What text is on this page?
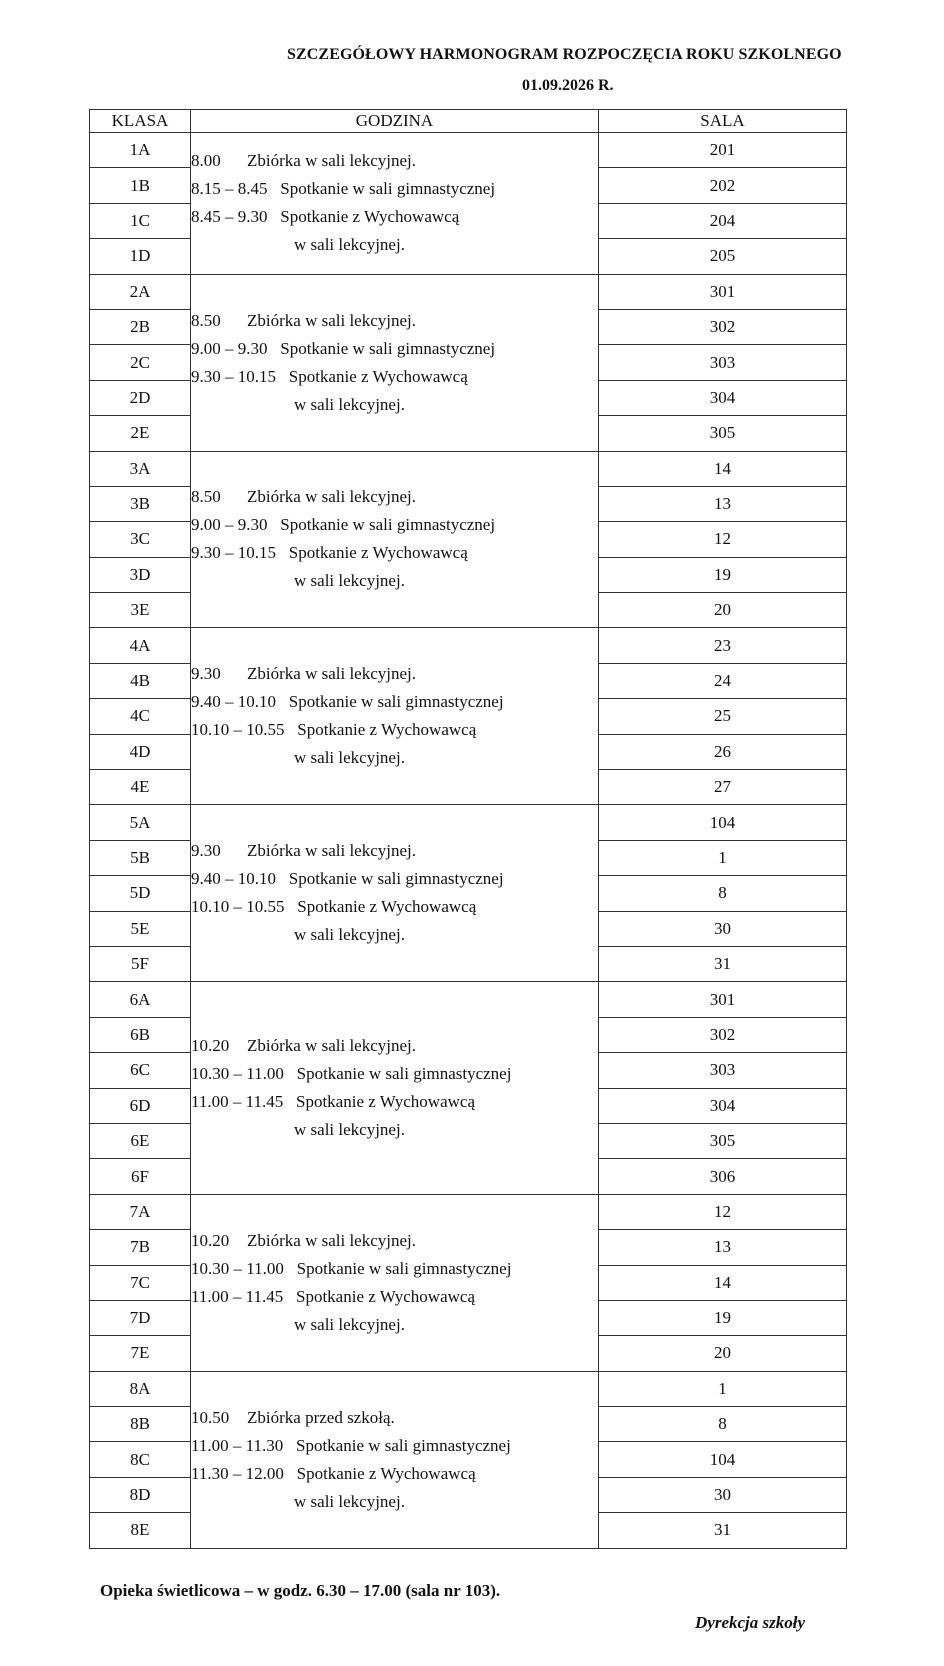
SZCZEGÓŁOWY HARMONOGRAM ROZPOCZĘCIA ROKU SZKOLNEGO
01.09.2026 R.
KLASA	GODZINA	SALA
1A	8.00 Zbiórka w sali lekcyjnej.
8.15 – 8.45 Spotkanie w sali gimnastycznej
8.45 – 9.30 Spotkanie z Wychowawcą
w sali lekcyjnej.	201
1B		202
1C		204
1D		205
2A	8.50 Zbiórka w sali lekcyjnej.
9.00 – 9.30 Spotkanie w sali gimnastycznej
9.30 – 10.15 Spotkanie z Wychowawcą
w sali lekcyjnej.	301
2B		302
2C		303
2D		304
2E		305
3A	8.50 Zbiórka w sali lekcyjnej.
9.00 – 9.30 Spotkanie w sali gimnastycznej
9.30 – 10.15 Spotkanie z Wychowawcą
w sali lekcyjnej.	14
3B		13
3C		12
3D		19
3E		20
4A	9.30 Zbiórka w sali lekcyjnej.
9.40 – 10.10 Spotkanie w sali gimnastycznej
10.10 – 10.55 Spotkanie z Wychowawcą
w sali lekcyjnej.	23
4B		24
4C		25
4D		26
4E		27
5A	9.30 Zbiórka w sali lekcyjnej.
9.40 – 10.10 Spotkanie w sali gimnastycznej
10.10 – 10.55 Spotkanie z Wychowawcą
w sali lekcyjnej.	104
5B		1
5D		8
5E		30
5F		31
6A	10.20 Zbiórka w sali lekcyjnej.
10.30 – 11.00 Spotkanie w sali gimnastycznej
11.00 – 11.45 Spotkanie z Wychowawcą
w sali lekcyjnej.	301
6B		302
6C		303
6D		304
6E		305
6F		306
7A	10.20 Zbiórka w sali lekcyjnej.
10.30 – 11.00 Spotkanie w sali gimnastycznej
11.00 – 11.45 Spotkanie z Wychowawcą
w sali lekcyjnej.	12
7B		13
7C		14
7D		19
7E		20
8A	10.50 Zbiórka przed szkołą.
11.00 – 11.30 Spotkanie w sali gimnastycznej
11.30 – 12.00 Spotkanie z Wychowawcą
w sali lekcyjnej.	1
8B		8
8C		104
8D		30
8E		31
Opieka świetlicowa – w godz. 6.30 – 17.00 (sala nr 103).
Dyrekcja szkoły
